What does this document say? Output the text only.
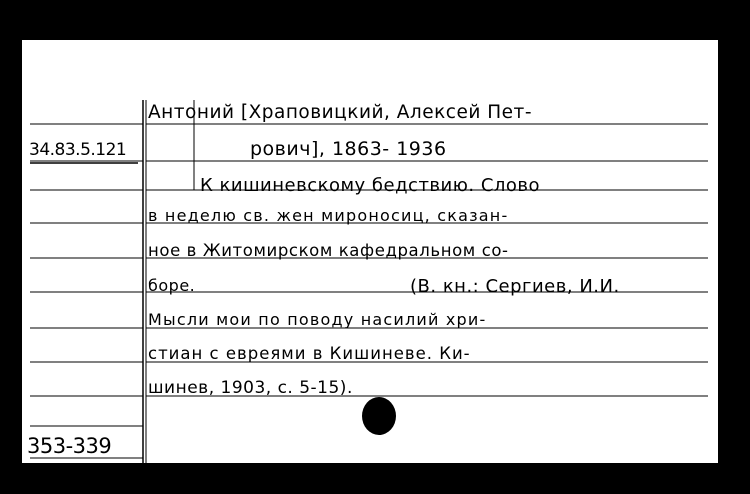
34.83.5.121
353-339
Антоний [Храповицкий, Алексей Пет-
рович], 1863- 1936
К кишиневскому бедствию. Слово
в неделю св. жен мироносиц, сказан-
ное в Житомирском кафедральном со-
боре.	(В. кн.: Сергиев, И.И.
Мысли мои по поводу насилий хри-
стиан с евреями в Кишиневе. Ки-
шинев, 1903, с. 5-15).
